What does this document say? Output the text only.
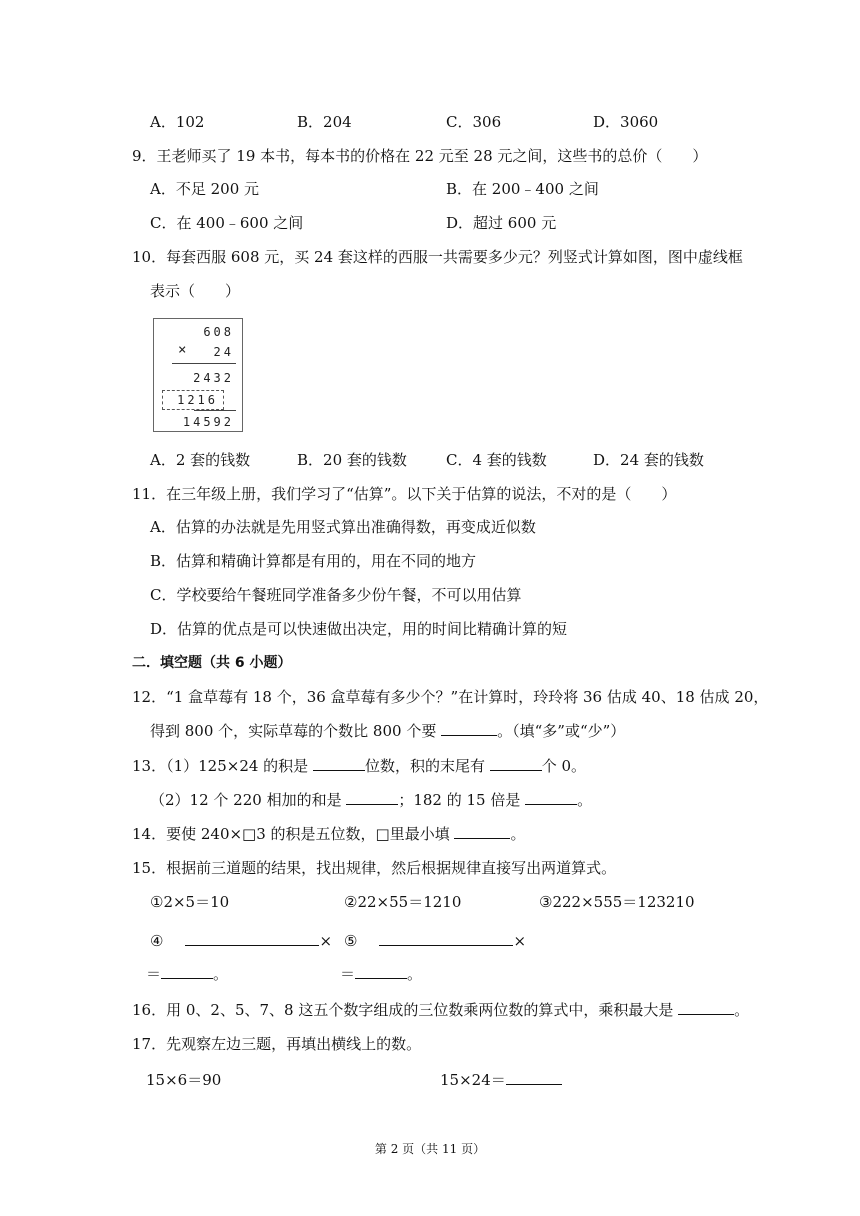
A．102	B．204	C．306	D．3060
9．王老师买了 19 本书，每本书的价格在 22 元至 28 元之间，这些书的总价（　　）
A．不足 200 元	B．在 200﹣400 之间
C．在 400﹣600 之间	D．超过 600 元
10．每套西服 608 元，买 24 套这样的西服一共需要多少元？列竖式计算如图，图中虚线框
表示（　　）
608
× 24
2432
1216
14592
A．2 套的钱数	B．20 套的钱数	C．4 套的钱数	D．24 套的钱数
11．在三年级上册，我们学习了“估算”。以下关于估算的说法，不对的是（　　）
A．估算的办法就是先用竖式算出准确得数，再变成近似数
B．估算和精确计算都是有用的，用在不同的地方
C．学校要给午餐班同学准备多少份午餐，不可以用估算
D．估算的优点是可以快速做出决定，用的时间比精确计算的短
二．填空题（共 6 小题）
12．“1 盒草莓有 18 个，36 盒草莓有多少个？”在计算时，玲玲将 36 估成 40、18 估成 20，
得到 800 个，实际草莓的个数比 800 个要	。（填“多”或“少”）
13．（1）125×24 的积是	位数，积的末尾有	个 0。
（2）12 个 220 相加的和是	；182 的 15 倍是	。
14．要使 240×□3 的积是五位数，□里最小填	。
15．根据前三道题的结果，找出规律，然后根据规律直接写出两道算式。
①2×5＝10	②22×55＝1210	③222×555＝123210
④	× ⑤	×
＝	。	＝	。
16．用 0、2、5、7、8 这五个数字组成的三位数乘两位数的算式中，乘积最大是	。
17．先观察左边三题，再填出横线上的数。
15×6＝90	15×24＝
第 2 页（共 11 页）
